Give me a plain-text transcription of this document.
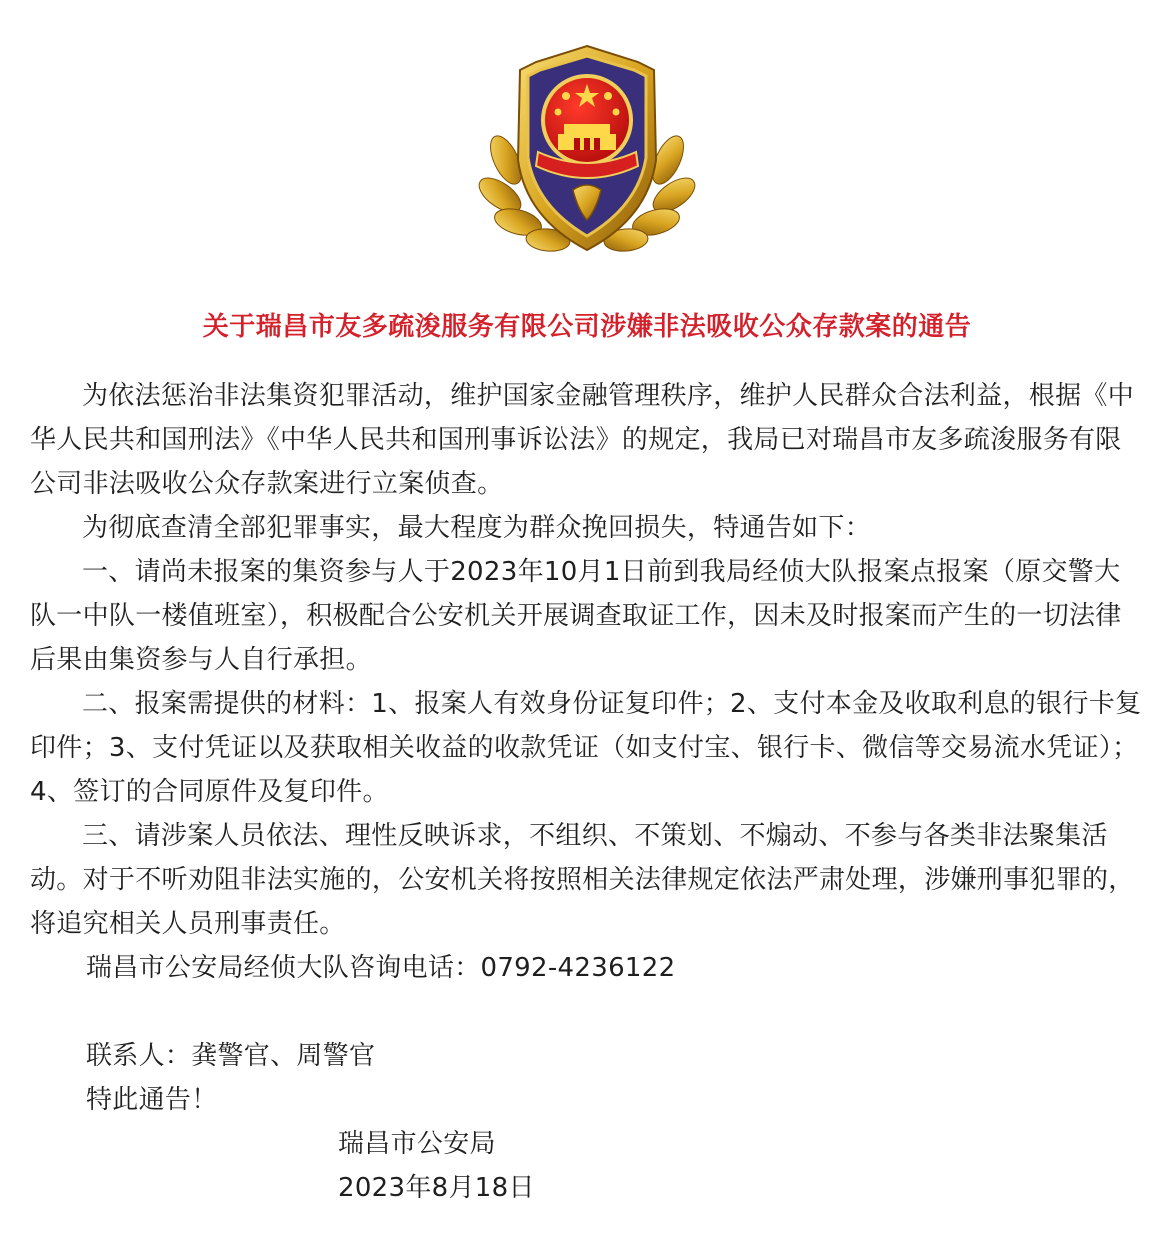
关于瑞昌市友多疏浚服务有限公司涉嫌非法吸收公众存款案的通告

为依法惩治非法集资犯罪活动，维护国家金融管理秩序，维护人民群众合法利益，根据《中华人民共和国刑法》《中华人民共和国刑事诉讼法》的规定，我局已对瑞昌市友多疏浚服务有限公司非法吸收公众存款案进行立案侦查。

为彻底查清全部犯罪事实，最大程度为群众挽回损失，特通告如下：

一、请尚未报案的集资参与人于2023年10月1日前到我局经侦大队报案点报案（原交警大队一中队一楼值班室），积极配合公安机关开展调查取证工作，因未及时报案而产生的一切法律后果由集资参与人自行承担。

二、报案需提供的材料：1、报案人有效身份证复印件；2、支付本金及收取利息的银行卡复印件；3、支付凭证以及获取相关收益的收款凭证（如支付宝、银行卡、微信等交易流水凭证）；4、签订的合同原件及复印件。

三、请涉案人员依法、理性反映诉求，不组织、不策划、不煽动、不参与各类非法聚集活动。对于不听劝阻非法实施的，公安机关将按照相关法律规定依法严肃处理，涉嫌刑事犯罪的，将追究相关人员刑事责任。

瑞昌市公安局经侦大队咨询电话：0792-4236122

联系人：龚警官、周警官

特此通告！

瑞昌市公安局

2023年8月18日
